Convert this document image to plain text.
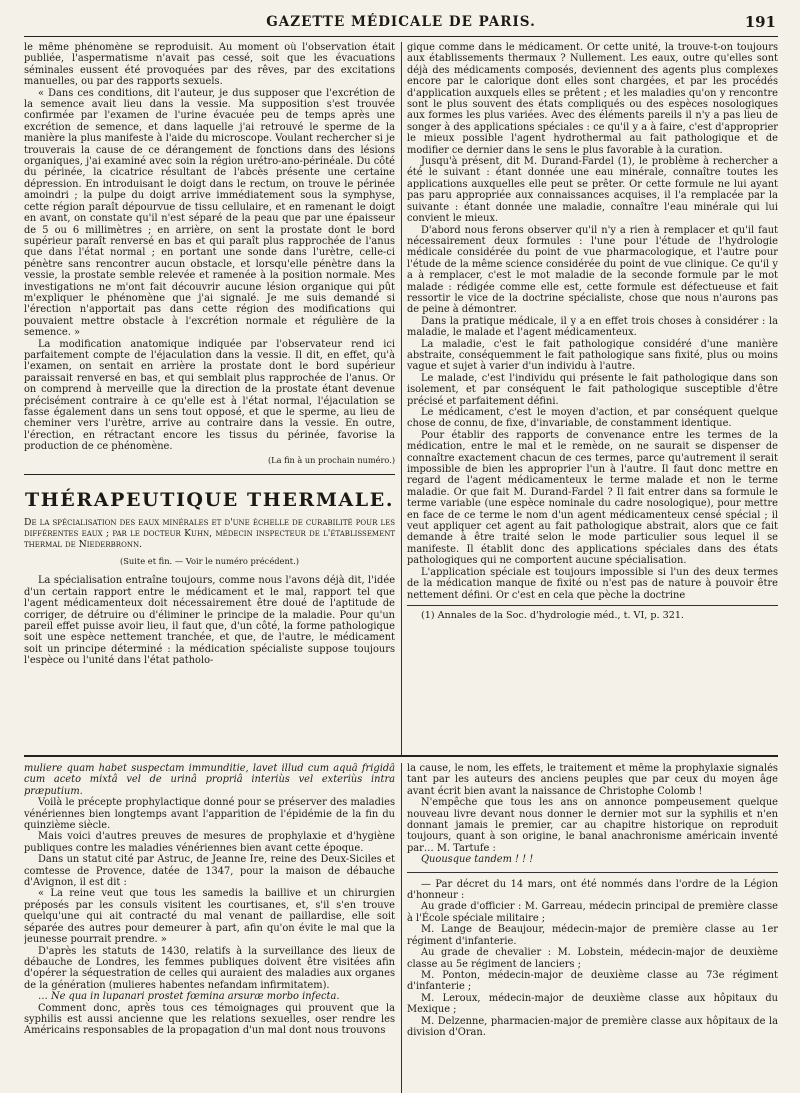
GAZETTE MÉDICALE DE PARIS.	191

le même phénomène se reproduisit. Au moment où l'observation était publiée, l'aspermatisme n'avait pas cessé, soit que les évacuations séminales eussent été provoquées par des rêves, par des excitations manuelles, ou par des rapports sexuels.

« Dans ces conditions, dit l'auteur, je dus supposer que l'excrétion de la semence avait lieu dans la vessie. Ma supposition s'est trouvée confirmée par l'examen de l'urine évacuée peu de temps après une excrétion de semence, et dans laquelle j'ai retrouvé le sperme de la manière la plus manifeste à l'aide du microscope. Voulant rechercher si je trouverais la cause de ce dérangement de fonctions dans des lésions organiques, j'ai examiné avec soin la région urétro-ano-périnéale. Du côté du périnée, la cicatrice résultant de l'abcès présente une certaine dépression. En introduisant le doigt dans le rectum, on trouve le périnée amoindri ; la pulpe du doigt arrive immédiatement sous la symphyse, cette région paraît dépourvue de tissu cellulaire, et en ramenant le doigt en avant, on constate qu'il n'est séparé de la peau que par une épaisseur de 5 ou 6 millimètres ; en arrière, on sent la prostate dont le bord supérieur paraît renversé en bas et qui paraît plus rapprochée de l'anus que dans l'état normal ; en portant une sonde dans l'urètre, celle-ci pénètre sans rencontrer aucun obstacle, et lorsqu'elle pénètre dans la vessie, la prostate semble relevée et ramenée à la position normale. Mes investigations ne m'ont fait découvrir aucune lésion organique qui pût m'expliquer le phénomène que j'ai signalé. Je me suis demandé si l'érection n'apportait pas dans cette région des modifications qui pouvaient mettre obstacle à l'excrétion normale et régulière de la semence. »

La modification anatomique indiquée par l'observateur rend ici parfaitement compte de l'éjaculation dans la vessie. Il dit, en effet, qu'à l'examen, on sentait en arrière la prostate dont le bord supérieur paraissait renversé en bas, et qui semblait plus rapprochée de l'anus. Or on comprend à merveille que la direction de la prostate étant devenue précisément contraire à ce qu'elle est à l'état normal, l'éjaculation se fasse également dans un sens tout opposé, et que le sperme, au lieu de cheminer vers l'urètre, arrive au contraire dans la vessie. En outre, l'érection, en rétractant encore les tissus du périnée, favorise la production de ce phénomène.

(La fin à un prochain numéro.)
THÉRAPEUTIQUE THERMALE.

De la spécialisation des eaux minérales et d'une échelle de curabilité pour les différentes eaux ; par le docteur Kuhn, médecin inspecteur de l'établissement thermal de Niederbronn.

(Suite et fin. — Voir le numéro précédent.)

La spécialisation entraîne toujours, comme nous l'avons déjà dit, l'idée d'un certain rapport entre le médicament et le mal, rapport tel que l'agent médicamenteux doit nécessairement être doué de l'aptitude de corriger, de détruire ou d'éliminer le principe de la maladie. Pour qu'un pareil effet puisse avoir lieu, il faut que, d'un côté, la forme pathologique soit une espèce nettement tranchée, et que, de l'autre, le médicament soit un principe déterminé : la médication spécialiste suppose toujours l'espèce ou l'unité dans l'état patholo-

gique comme dans le médicament. Or cette unité, la trouve-t-on toujours aux établissements thermaux ? Nullement. Les eaux, outre qu'elles sont déjà des médicaments composés, deviennent des agents plus complexes encore par le calorique dont elles sont chargées, et par les procédés d'application auxquels elles se prêtent ; et les maladies qu'on y rencontre sont le plus souvent des états compliqués ou des espèces nosologiques aux formes les plus variées. Avec des éléments pareils il n'y a pas lieu de songer à des applications spéciales : ce qu'il y a à faire, c'est d'approprier le mieux possible l'agent hydrothermal au fait pathologique et de modifier ce dernier dans le sens le plus favorable à la curation.

Jusqu'à présent, dit M. Durand-Fardel (1), le problème à rechercher a été le suivant : étant donnée une eau minérale, connaître toutes les applications auxquelles elle peut se prêter. Or cette formule ne lui ayant pas paru appropriée aux connaissances acquises, il l'a remplacée par la suivante : étant donnée une maladie, connaître l'eau minérale qui lui convient le mieux.

D'abord nous ferons observer qu'il n'y a rien à remplacer et qu'il faut nécessairement deux formules : l'une pour l'étude de l'hydrologie médicale considérée du point de vue pharmacologique, et l'autre pour l'étude de la même science considérée du point de vue clinique. Ce qu'il y a à remplacer, c'est le mot maladie de la seconde formule par le mot malade : rédigée comme elle est, cette formule est défectueuse et fait ressortir le vice de la doctrine spécialiste, chose que nous n'aurons pas de peine à démontrer.

Dans la pratique médicale, il y a en effet trois choses à considérer : la maladie, le malade et l'agent médicamenteux.

La maladie, c'est le fait pathologique considéré d'une manière abstraite, conséquemment le fait pathologique sans fixité, plus ou moins vague et sujet à varier d'un individu à l'autre.

Le malade, c'est l'individu qui présente le fait pathologique dans son isolement, et par conséquent le fait pathologique susceptible d'être précisé et parfaitement défini.

Le médicament, c'est le moyen d'action, et par conséquent quelque chose de connu, de fixe, d'invariable, de constamment identique.

Pour établir des rapports de convenance entre les termes de la médication, entre le mal et le remède, on ne saurait se dispenser de connaître exactement chacun de ces termes, parce qu'autrement il serait impossible de bien les approprier l'un à l'autre. Il faut donc mettre en regard de l'agent médicamenteux le terme malade et non le terme maladie. Or que fait M. Durand-Fardel ? Il fait entrer dans sa formule le terme variable (une espèce nominale du cadre nosologique), pour mettre en face de ce terme le nom d'un agent médicamenteux censé spécial ; il veut appliquer cet agent au fait pathologique abstrait, alors que ce fait demande à être traité selon le mode particulier sous lequel il se manifeste. Il établit donc des applications spéciales dans des états pathologiques qui ne comportent aucune spécialisation.

L'application spéciale est toujours impossible si l'un des deux termes de la médication manque de fixité ou n'est pas de nature à pouvoir être nettement défini. Or c'est en cela que pèche la doctrine

(1) Annales de la Soc. d'hydrologie méd., t. VI, p. 321.

muliere quam habet suspectam immunditie, lavet illud cum aquâ frigidâ cum aceto mixtâ vel de urinâ propriâ interiùs vel exteriùs intra præputium.

Voilà le précepte prophylactique donné pour se préserver des maladies vénériennes bien longtemps avant l'apparition de l'épidémie de la fin du quinzième siècle.

Mais voici d'autres preuves de mesures de prophylaxie et d'hygiène publiques contre les maladies vénériennes bien avant cette époque.

Dans un statut cité par Astruc, de Jeanne Ire, reine des Deux-Siciles et comtesse de Provence, datée de 1347, pour la maison de débauche d'Avignon, il est dit :

« La reine veut que tous les samedis la baillive et un chirurgien préposés par les consuls visitent les courtisanes, et, s'il s'en trouve quelqu'une qui ait contracté du mal venant de paillardise, elle soit séparée des autres pour demeurer à part, afin qu'on évite le mal que la jeunesse pourrait prendre. »

D'après les statuts de 1430, relatifs à la surveillance des lieux de débauche de Londres, les femmes publiques doivent être visitées afin d'opérer la séquestration de celles qui auraient des maladies aux organes de la génération (mulieres habentes nefandam infirmitatem).

… Ne qua in lupanari prostet fœmina arsuræ morbo infecta.

Comment donc, après tous ces témoignages qui prouvent que la syphilis est aussi ancienne que les relations sexuelles, oser rendre les Américains responsables de la propagation d'un mal dont nous trouvons

la cause, le nom, les effets, le traitement et même la prophylaxie signalés tant par les auteurs des anciens peuples que par ceux du moyen âge avant écrit bien avant la naissance de Christophe Colomb !

N'empêche que tous les ans on annonce pompeusement quelque nouveau livre devant nous donner le dernier mot sur la syphilis et n'en donnant jamais le premier, car au chapitre historique on reproduit toujours, quant à son origine, le banal anachronisme américain inventé par… M. Tartufe :

Quousque tandem ! ! !

— Par décret du 14 mars, ont été nommés dans l'ordre de la Légion d'honneur :

Au grade d'officier : M. Garreau, médecin principal de première classe à l'École spéciale militaire ;

M. Lange de Beaujour, médecin-major de première classe au 1er régiment d'infanterie.

Au grade de chevalier : M. Lobstein, médecin-major de deuxième classe au 5e régiment de lanciers ;

M. Ponton, médecin-major de deuxième classe au 73e régiment d'infanterie ;

M. Leroux, médecin-major de deuxième classe aux hôpitaux du Mexique ;

M. Delzenne, pharmacien-major de première classe aux hôpitaux de la division d'Oran.
